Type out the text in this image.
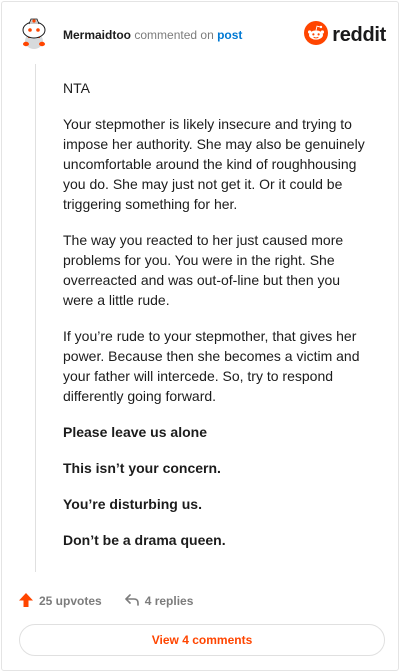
Mermaidtoo commented on post	reddit

NTA

Your stepmother is likely insecure and trying to impose her authority. She may also be genuinely uncomfortable around the kind of roughhousing you do. She may just not get it. Or it could be triggering something for her.

The way you reacted to her just caused more problems for you. You were in the right. She overreacted and was out-of-line but then you were a little rude.

If you’re rude to your stepmother, that gives her power. Because then she becomes a victim and your father will intercede. So, try to respond differently going forward.

Please leave us alone

This isn’t your concern.

You’re disturbing us.

Don’t be a drama queen.

25 upvotes	4 replies
View 4 comments
